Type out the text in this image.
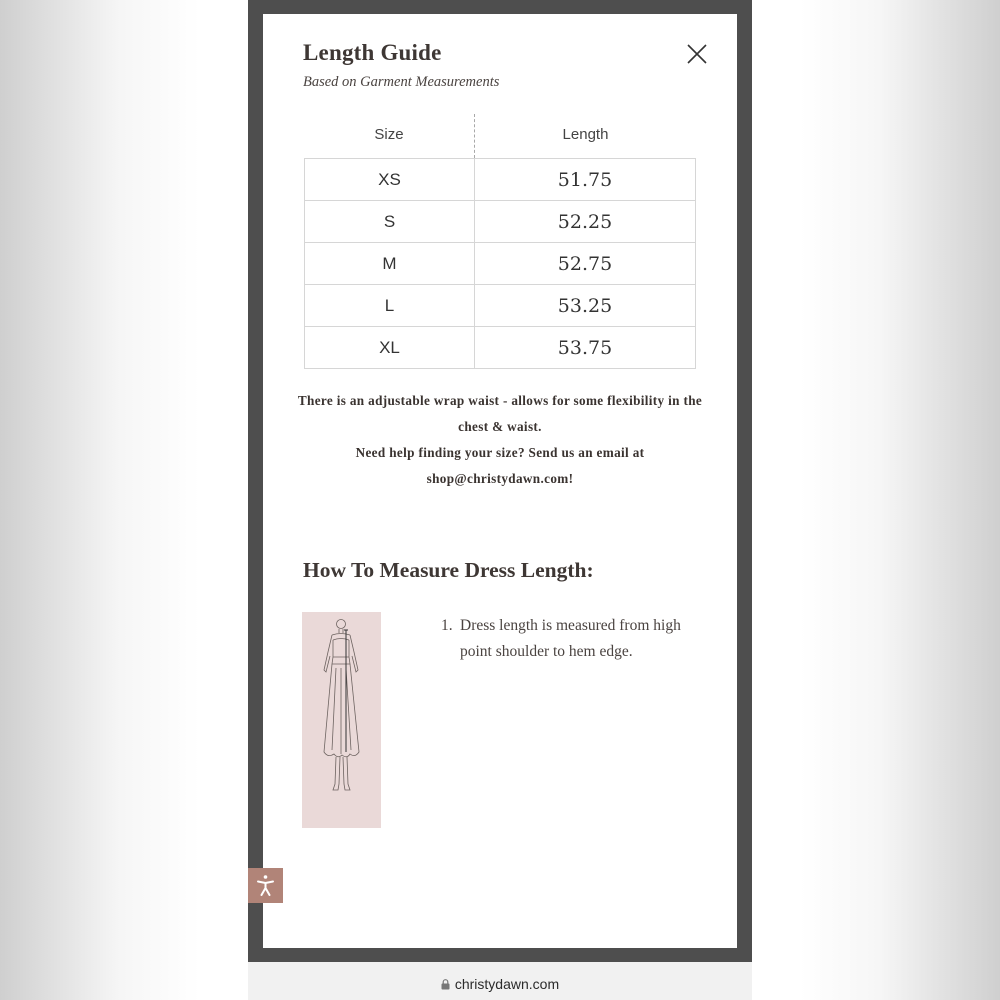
Length Guide
Based on Garment Measurements
Size	Length
XS	51.75
S	52.25
M	52.75
L	53.25
XL	53.75

There is an adjustable wrap waist - allows for some flexibility in the chest & waist.

Need help finding your size? Send us an email at shop@christydawn.com!

How To Measure Dress Length:
1. Dress length is measured from high point shoulder to hem edge.
christydawn.com
